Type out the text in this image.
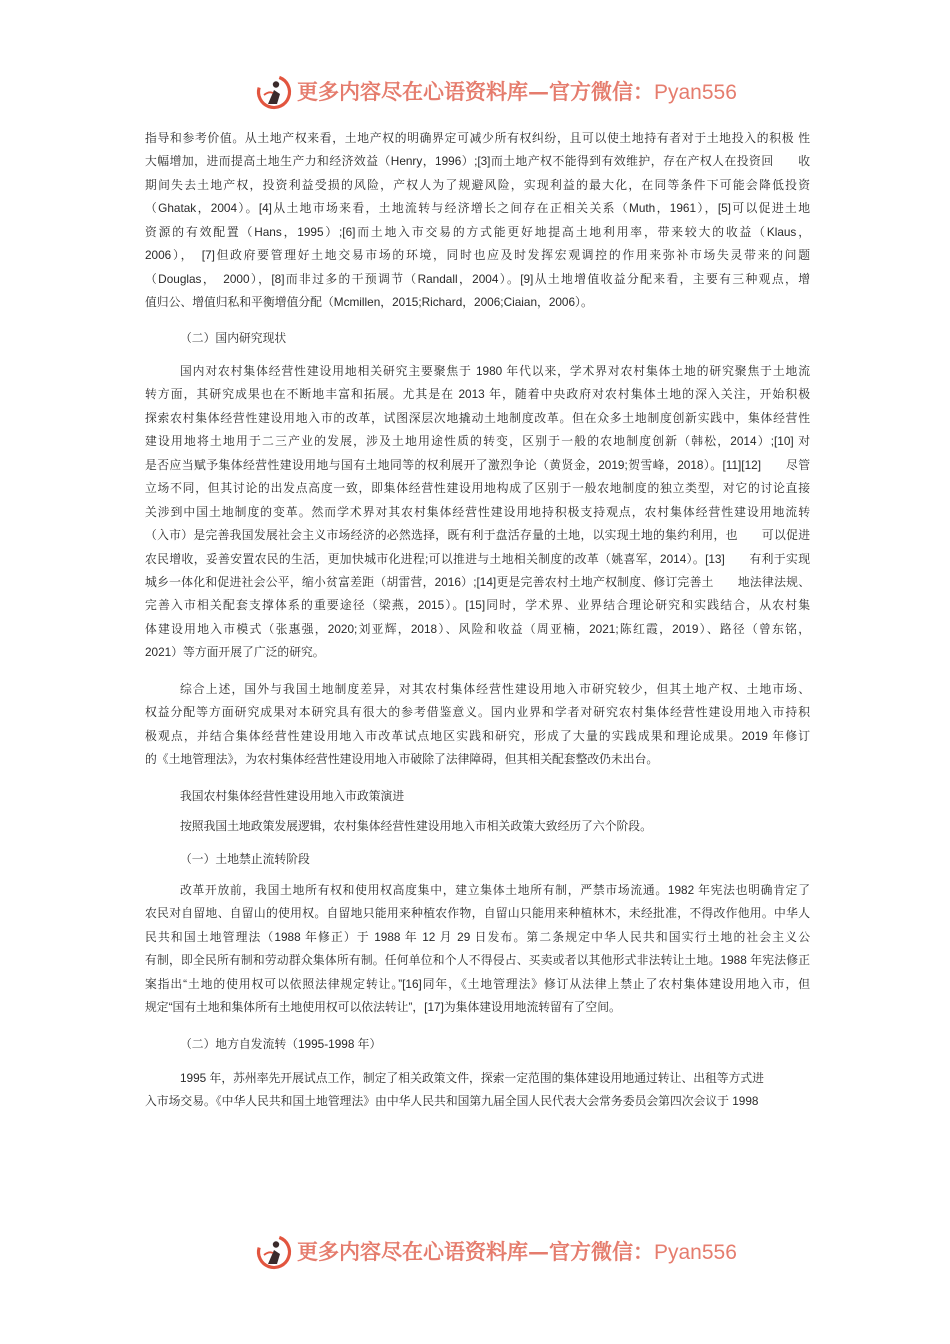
更多内容尽在心语资料库—官方微信：Pyan556
指导和参考价值。从土地产权来看，土地产权的明确界定可减少所有权纠纷，且可以使土地持有者对于土地投入的积极 性
大幅增加，进而提高土地生产力和经济效益（Henry，1996）;[3]而土地产权不能得到有效维护，存在产权人在投资回　　收
期间失去土地产权，投资利益受损的风险，产权人为了规避风险，实现利益的最大化，在同等条件下可能会降低投资
（Ghatak，2004）。[4]从土地市场来看，土地流转与经济增长之间存在正相关关系（Muth，1961），[5]可以促进土地
资源的有效配置（Hans，1995）;[6]而土地入市交易的方式能更好地提高土地利用率，带来较大的收益（Klaus，
2006），　[7]但政府要管理好土地交易市场的环境，同时也应及时发挥宏观调控的作用来弥补市场失灵带来的问题
（Douglas，　2000），[8]而非过多的干预调节（Randall，2004）。[9]从土地增值收益分配来看，主要有三种观点，增
值归公、增值归私和平衡增值分配（Mcmillen，2015;Richard，2006;Ciaian，2006）。
（二）国内研究现状
国内对农村集体经营性建设用地相关研究主要聚焦于 1980 年代以来，学术界对农村集体土地的研究聚焦于土地流
转方面，其研究成果也在不断地丰富和拓展。尤其是在 2013 年，随着中央政府对农村集体土地的深入关注，开始积极
探索农村集体经营性建设用地入市的改革，试图深层次地撬动土地制度改革。但在众多土地制度创新实践中，集体经营性
建设用地将土地用于二三产业的发展，涉及土地用途性质的转变，区别于一般的农地制度创新（韩松，2014）;[10] 对
是否应当赋予集体经营性建设用地与国有土地同等的权利展开了激烈争论（黄贤金，2019;贺雪峰，2018）。[11][12]　　尽管
立场不同，但其讨论的出发点高度一致，即集体经营性建设用地构成了区别于一般农地制度的独立类型，对它的讨论直接
关涉到中国土地制度的变革。然而学术界对其农村集体经营性建设用地持积极支持观点，农村集体经营性建设用地流转
（入市）是完善我国发展社会主义市场经济的必然选择，既有利于盘活存量的土地，以实现土地的集约利用，也　　可以促进
农民增收，妥善安置农民的生活，更加快城市化进程;可以推进与土地相关制度的改革（姚喜军，2014）。[13]　　有利于实现
城乡一体化和促进社会公平，缩小贫富差距（胡雷营，2016）;[14]更是完善农村土地产权制度、修订完善土　　地法律法规、
完善入市相关配套支撑体系的重要途径（梁燕，2015）。[15]同时，学术界、业界结合理论研究和实践结合，从农村集
体建设用地入市模式（张惠强，2020;刘亚辉，2018）、风险和收益（周亚楠，2021;陈红霞，2019）、路径（曾东铭，
2021）等方面开展了广泛的研究。
综合上述，国外与我国土地制度差异，对其农村集体经营性建设用地入市研究较少，但其土地产权、土地市场、
权益分配等方面研究成果对本研究具有很大的参考借鉴意义。国内业界和学者对研究农村集体经营性建设用地入市持积
极观点，并结合集体经营性建设用地入市改革试点地区实践和研究，形成了大量的实践成果和理论成果。2019 年修订
的《土地管理法》，为农村集体经营性建设用地入市破除了法律障碍，但其相关配套整改仍未出台。
我国农村集体经营性建设用地入市政策演进
按照我国土地政策发展逻辑，农村集体经营性建设用地入市相关政策大致经历了六个阶段。
（一）土地禁止流转阶段
改革开放前，我国土地所有权和使用权高度集中，建立集体土地所有制，严禁市场流通。1982 年宪法也明确肯定了
农民对自留地、自留山的使用权。自留地只能用来种植农作物，自留山只能用来种植林木，未经批准，不得改作他用。中华人
民共和国土地管理法（1988 年修正）于 1988 年 12 月 29 日发布。第二条规定中华人民共和国实行土地的社会主义公
有制，即全民所有制和劳动群众集体所有制。任何单位和个人不得侵占、买卖或者以其他形式非法转让土地。1988 年宪法修正
案指出“土地的使用权可以依照法律规定转让。”[16]同年，《土地管理法》修订从法律上禁止了农村集体建设用地入市，但
规定“国有土地和集体所有土地使用权可以依法转让”，[17]为集体建设用地流转留有了空间。
（二）地方自发流转（1995-1998 年）
1995 年，苏州率先开展试点工作，制定了相关政策文件，探索一定范围的集体建设用地通过转让、出租等方式进
入市场交易。《中华人民共和国土地管理法》由中华人民共和国第九届全国人民代表大会常务委员会第四次会议于 1998
更多内容尽在心语资料库—官方微信：Pyan556
